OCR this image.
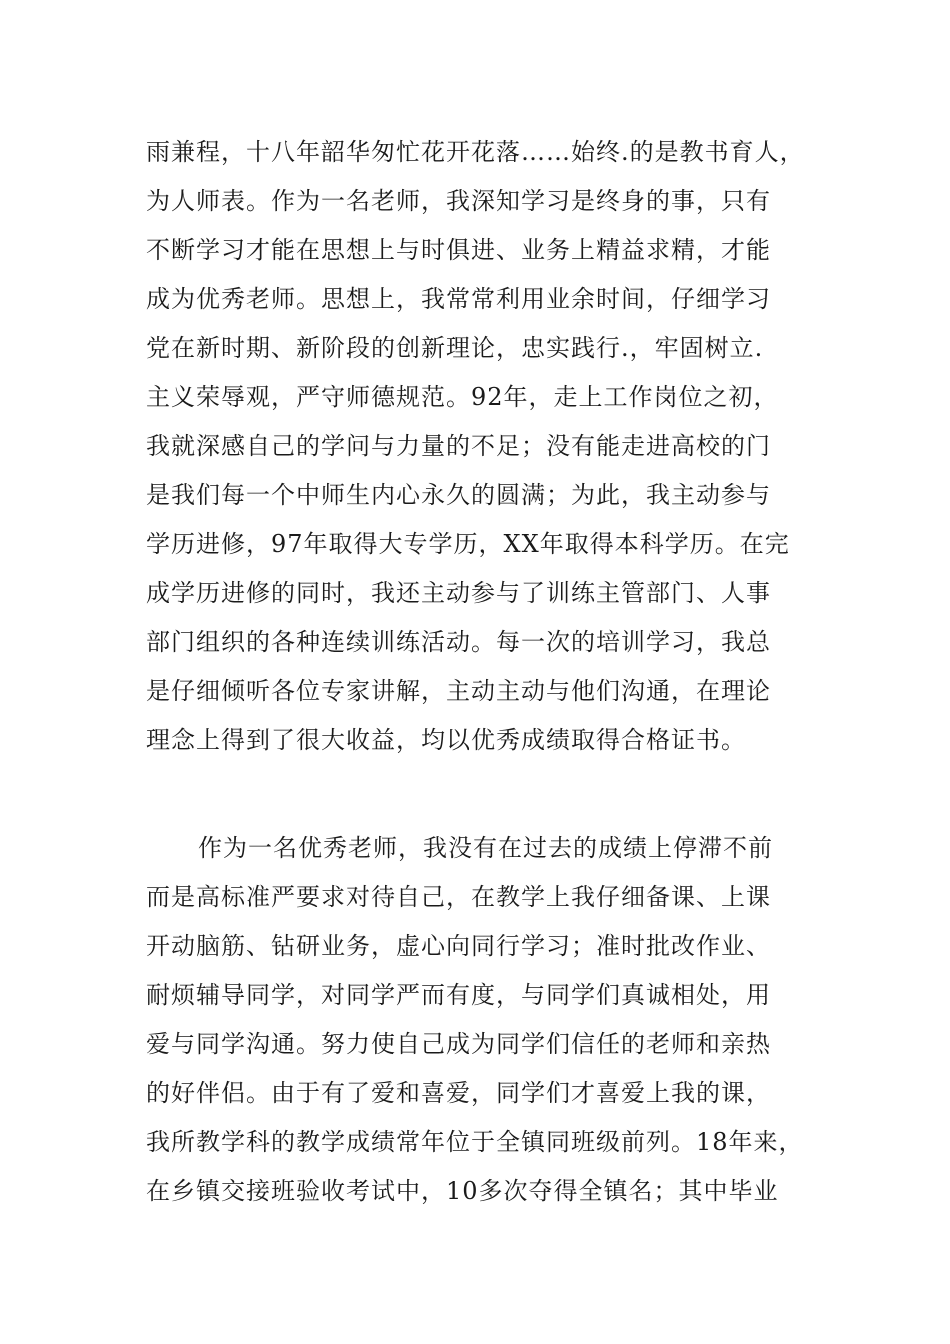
雨兼程，十八年韶华匆忙花开花落……始终.的是教书育人，
为人师表。作为一名老师，我深知学习是终身的事，只有
不断学习才能在思想上与时俱进、业务上精益求精，才能
成为优秀老师。思想上，我常常利用业余时间，仔细学习
党在新时期、新阶段的创新理论，忠实践行.，牢固树立.
主义荣辱观，严守师德规范。92年，走上工作岗位之初，
我就深感自己的学问与力量的不足；没有能走进高校的门
是我们每一个中师生内心永久的圆满；为此，我主动参与
学历进修，97年取得大专学历，XX年取得本科学历。在完
成学历进修的同时，我还主动参与了训练主管部门、人事
部门组织的各种连续训练活动。每一次的培训学习，我总
是仔细倾听各位专家讲解，主动主动与他们沟通，在理论
理念上得到了很大收益，均以优秀成绩取得合格证书。
作为一名优秀老师，我没有在过去的成绩上停滞不前
而是高标准严要求对待自己，在教学上我仔细备课、上课
开动脑筋、钻研业务，虚心向同行学习；准时批改作业、
耐烦辅导同学，对同学严而有度，与同学们真诚相处，用
爱与同学沟通。努力使自己成为同学们信任的老师和亲热
的好伴侣。由于有了爱和喜爱，同学们才喜爱上我的课，
我所教学科的教学成绩常年位于全镇同班级前列。18年来，
在乡镇交接班验收考试中，10多次夺得全镇名；其中毕业
